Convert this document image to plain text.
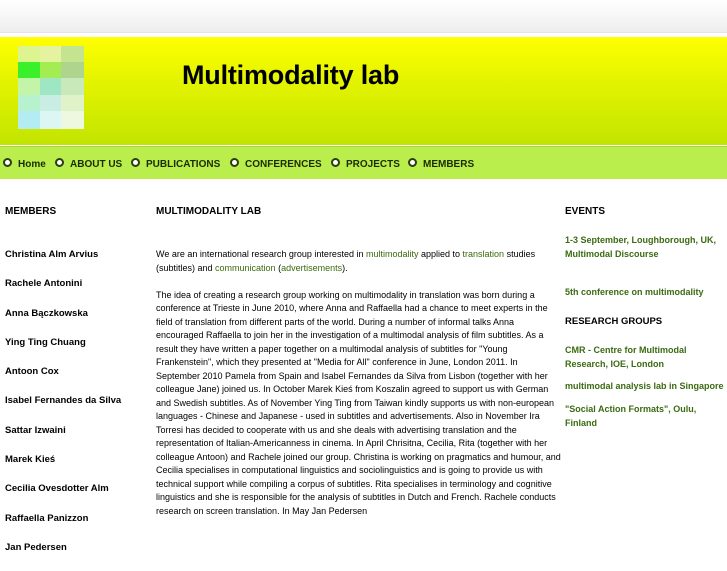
Multimodality lab
Home	ABOUT US	PUBLICATIONS	CONFERENCES	PROJECTS	MEMBERS
MEMBERS	MULTIMODALITY LAB	EVENTS
Christina Alm Arvius
Rachele Antonini
Anna Bączkowska
Ying Ting Chuang
Antoon Cox
Isabel Fernandes da Silva
Sattar Izwaini
Marek Kieś
Cecilia Ovesdotter Alm
Raffaella Panizzon
Jan Pedersen

We are an international research group interested in multimodality applied to translation studies (subtitles) and communication (advertisements).

The idea of creating a research group working on multimodality in translation was born during a conference at Trieste in June 2010, where Anna and Raffaella had a chance to meet experts in the field of translation from different parts of the world. During a number of informal talks Anna encouraged Raffaella to join her in the investigation of a multimodal analysis of film subtitles. As a result they have written a paper together on a multimodal analysis of subtitles for "Young Frankenstein", which they presented at "Media for All" conference in June, London 2011. In September 2010 Pamela from Spain and Isabel Fernandes da Silva from Lisbon (together with her colleague Jane) joined us. In October Marek Kieś from Koszalin agreed to support us with German and Swedish subtitles. As of November Ying Ting from Taiwan kindly supports us with non-european languages - Chinese and Japanese - used in subtitles and advertisements. Also in November Ira Torresi has decided to cooperate with us and she deals with advertising translation and the representation of Italian-Americanness in cinema. In April Chrisitna, Cecilia, Rita (together with her colleague Antoon) and Rachele joined our group. Christina is working on pragmatics and humour, and Cecilia specialises in computational linguistics and sociolinguistics and is going to provide us with technical support while compiling a corpus of subtitles. Rita specialises in terminology and cognitive linguistics and she is responsible for the analysis of subtitles in Dutch and French. Rachele conducts research on screen translation. In May Jan Pedersen

1-3 September, Loughborough, UK, Multimodal Discourse
5th conference on multimodality
RESEARCH GROUPS
CMR - Centre for Multimodal Research, IOE, London
multimodal analysis lab in Singapore
"Social Action Formats", Oulu, Finland
